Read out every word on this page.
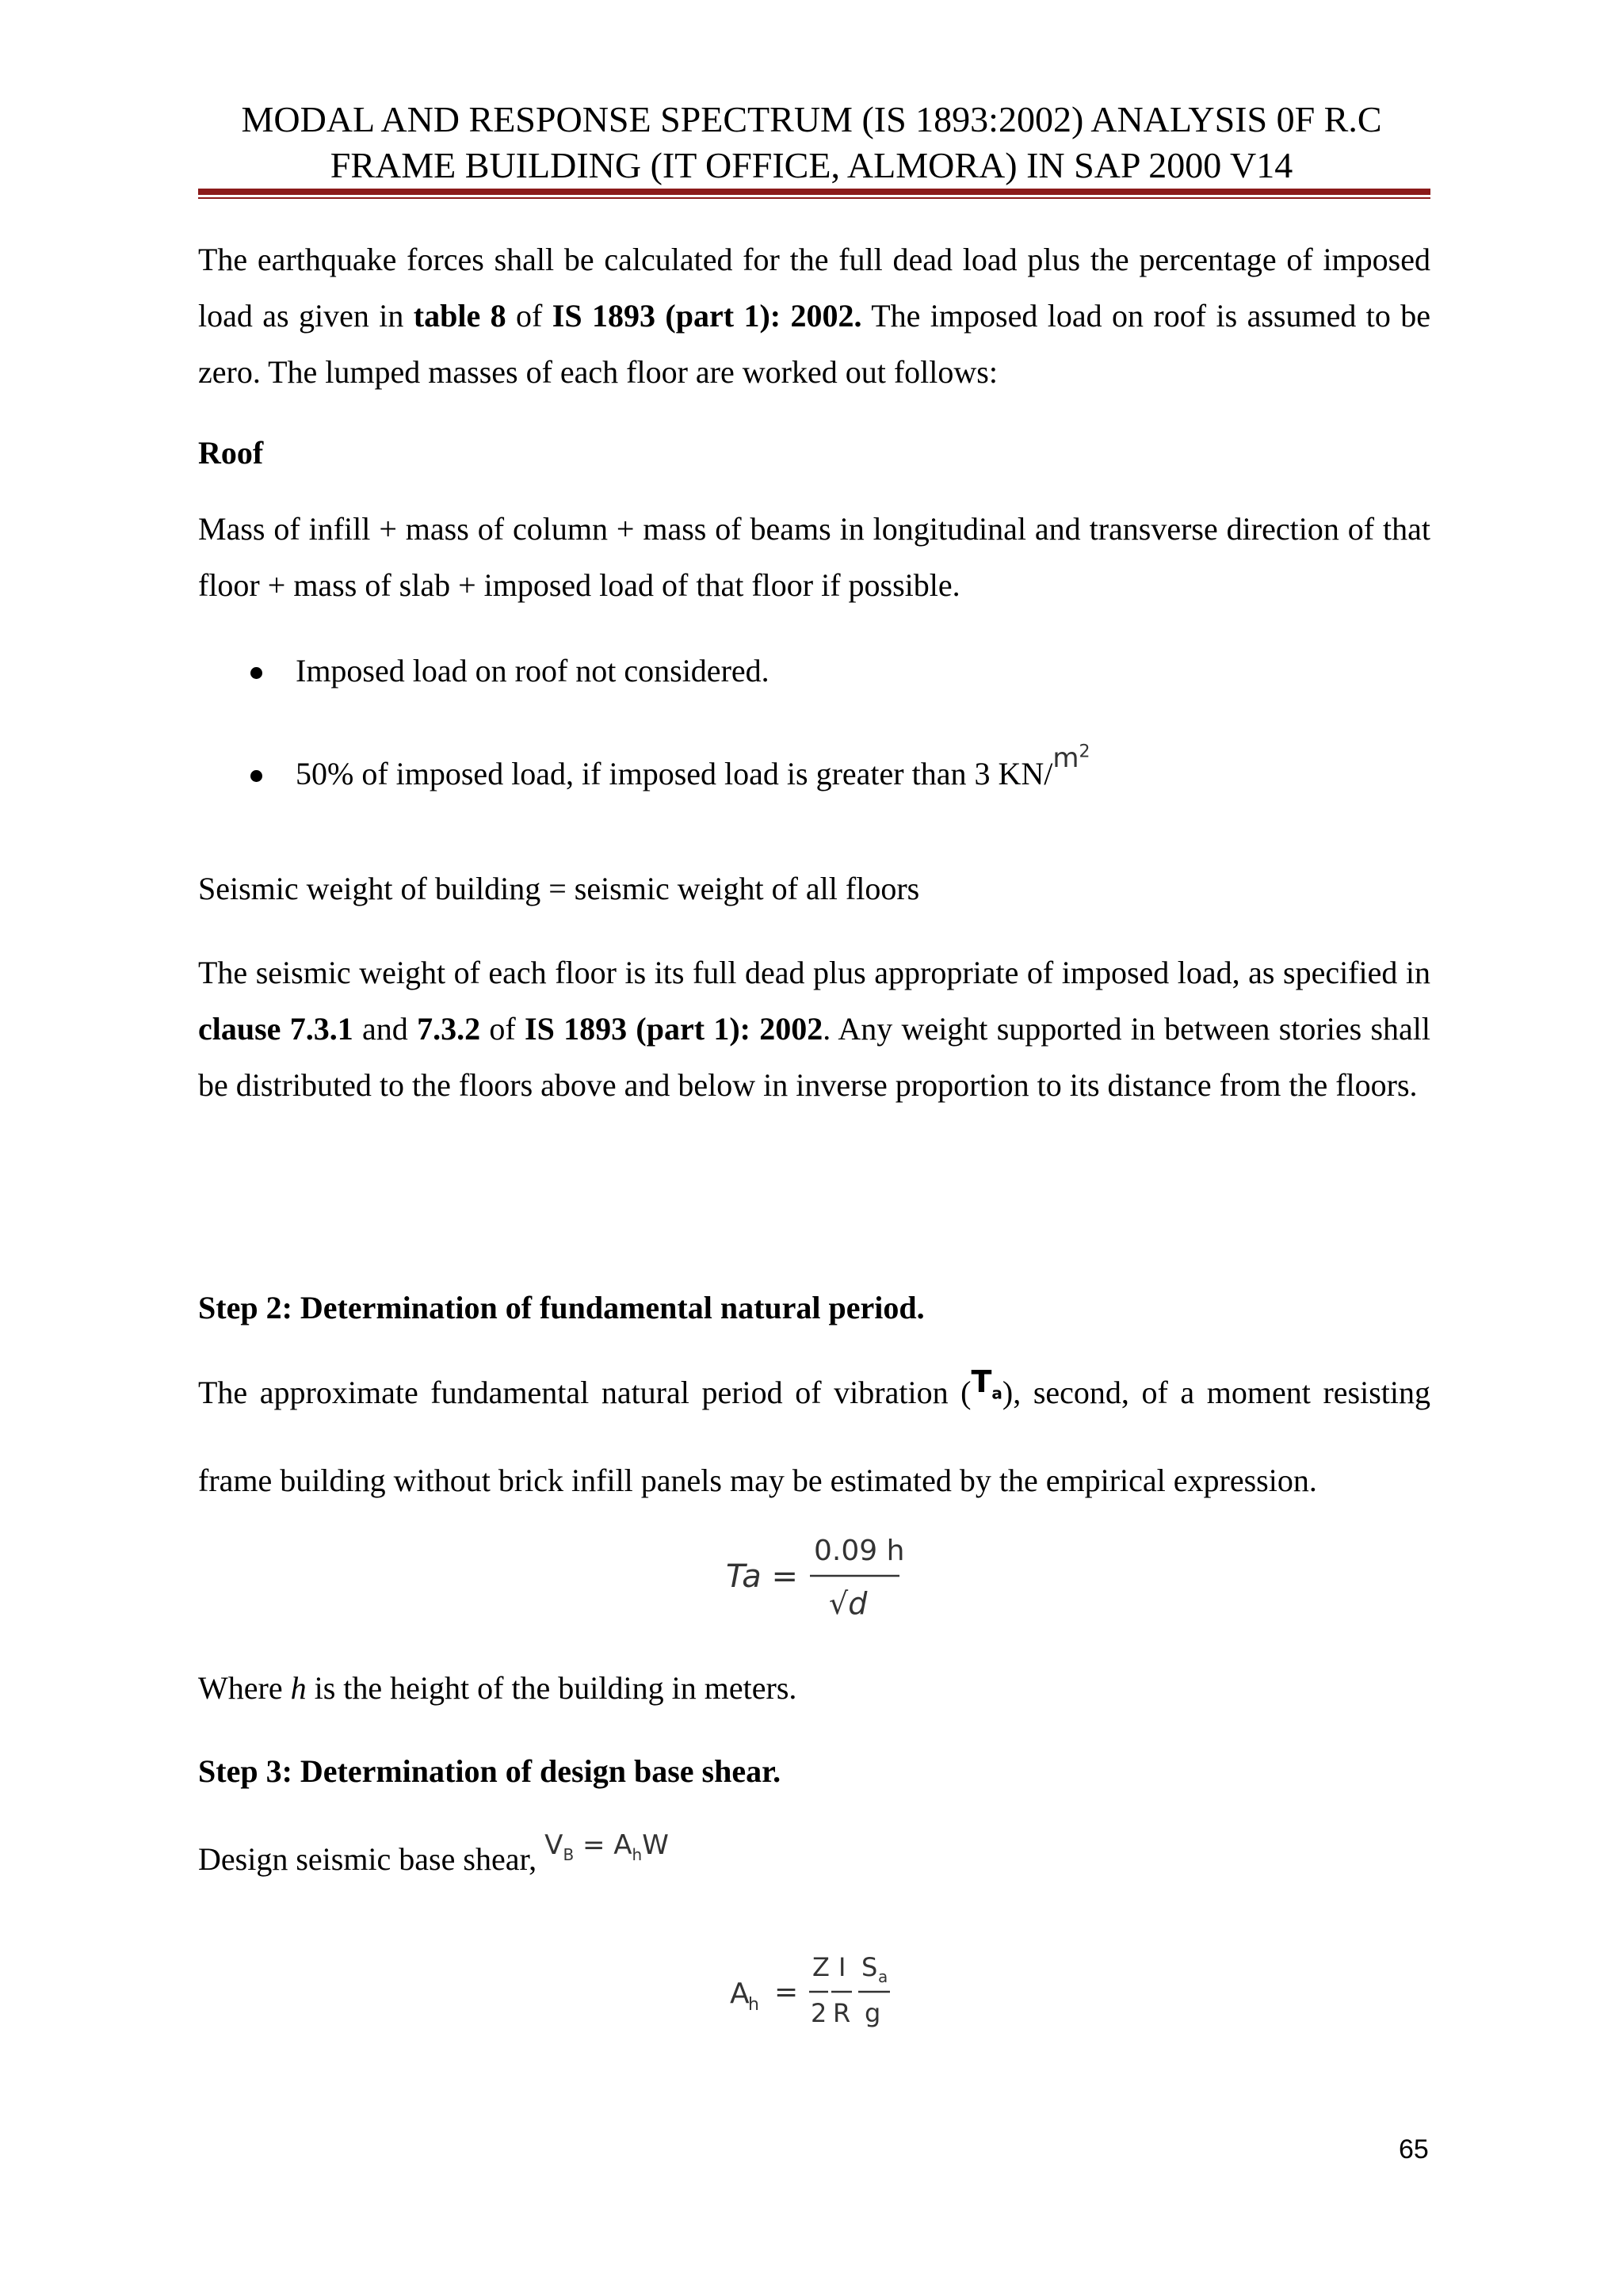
MODAL AND RESPONSE SPECTRUM (IS 1893:2002) ANALYSIS 0F R.C
FRAME BUILDING (IT OFFICE, ALMORA) IN SAP 2000 V14
The earthquake forces shall be calculated for the full dead load plus the percentage of imposed load as given in table 8 of IS 1893 (part 1): 2002. The imposed load on roof is assumed to be zero. The lumped masses of each floor are worked out follows:
Roof
Mass of infill + mass of column + mass of beams in longitudinal and transverse direction of that floor + mass of slab + imposed load of that floor if possible.
Imposed load on roof not considered.
50% of imposed load, if imposed load is greater than 3 KN/$^{m^2}$
Seismic weight of building = seismic weight of all floors
The seismic weight of each floor is its full dead plus appropriate of imposed load, as specified in clause 7.3.1 and 7.3.2 of IS 1893 (part 1): 2002. Any weight supported in between stories shall be distributed to the floors above and below in inverse proportion to its distance from the floors.
Step 2: Determination of fundamental natural period.
The approximate fundamental natural period of vibration $(T_a)$, second, of a moment resisting frame building without brick infill panels may be estimated by the empirical expression.
Ta =
0.09 h
√d
Where h is the height of the building in meters.
Step 3: Determination of design base shear.
Design seismic base shear, $^{V_B = A_hW}$
A
h =
Z
2
I
R
S a
g
65
